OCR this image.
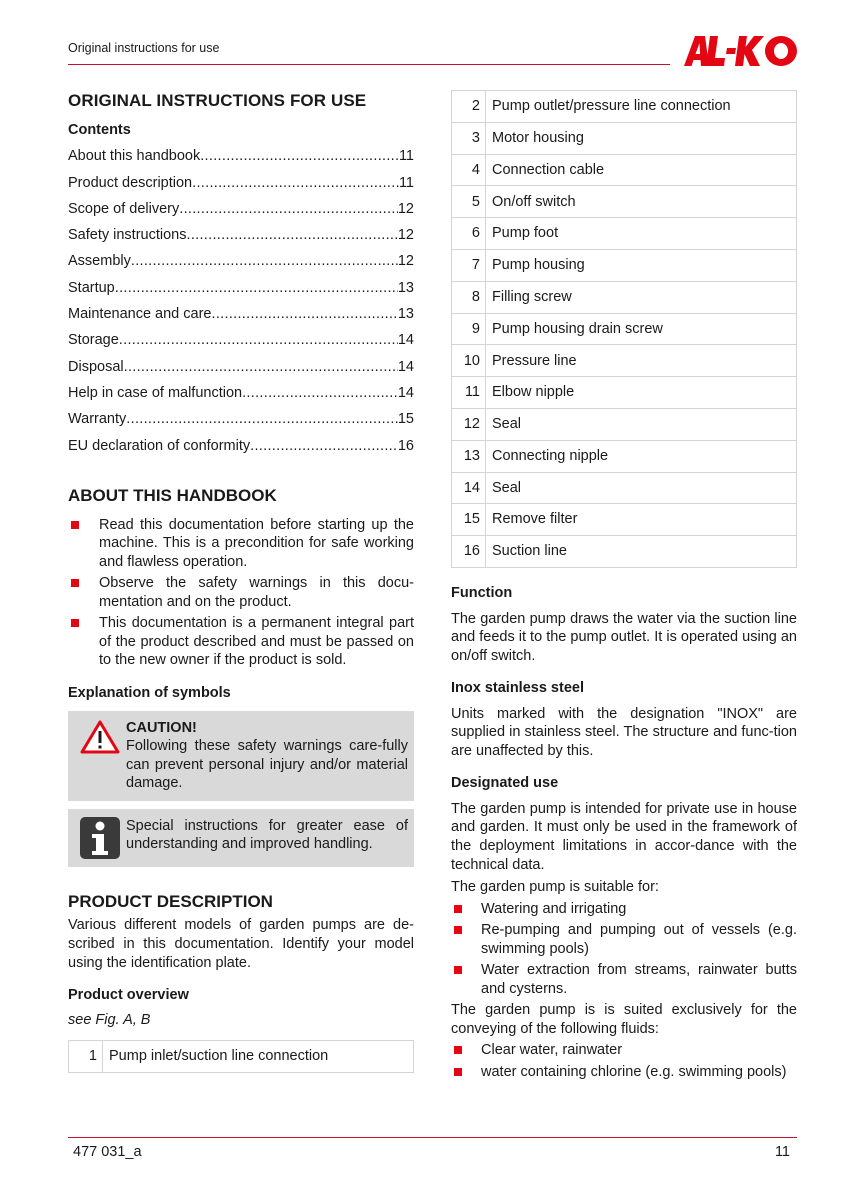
Original instructions for use
ORIGINAL INSTRUCTIONS FOR USE
Contents
About this handbook .....	11
Product description .....	11
Scope of delivery .....	12
Safety instructions .....	12
Assembly .....	12
Startup .....	13
Maintenance and care .....	13
Storage .....	14
Disposal .....	14
Help in case of malfunction .....	14
Warranty .....	15
EU declaration of conformity .....	16
ABOUT THIS HANDBOOK
Read this documentation before starting up the machine. This is a precondition for safe working and flawless operation.
Observe the safety warnings in this docu-mentation and on the product.
This documentation is a permanent integral part of the product described and must be passed on to the new owner if the product is sold.
Explanation of symbols
CAUTION!
Following these safety warnings care-fully can prevent personal injury and/or material damage.
Special instructions for greater ease of understanding and improved handling.
PRODUCT DESCRIPTION

Various different models of garden pumps are de-scribed in this documentation. Identify your model using the identification plate.

Product overview

see Fig. A, B

1	Pump inlet/suction line connection
2	Pump outlet/pressure line connection
3	Motor housing
4	Connection cable
5	On/off switch
6	Pump foot
7	Pump housing
8	Filling screw
9	Pump housing drain screw
10	Pressure line
11	Elbow nipple
12	Seal
13	Connecting nipple
14	Seal
15	Remove filter
16	Suction line
Function

The garden pump draws the water via the suction line and feeds it to the pump outlet. It is operated using an on/off switch.

Inox stainless steel

Units marked with the designation "INOX" are supplied in stainless steel. The structure and func-tion are unaffected by this.

Designated use

The garden pump is intended for private use in house and garden. It must only be used in the framework of the deployment limitations in accor-dance with the technical data.

The garden pump is suitable for:

Watering and irrigating
Re-pumping and pumping out of vessels (e.g. swimming pools)
Water extraction from streams, rainwater butts and cysterns.

The garden pump is is suited exclusively for the conveying of the following fluids:

Clear water, rainwater
water containing chlorine (e.g. swimming pools)
477 031_a	11
